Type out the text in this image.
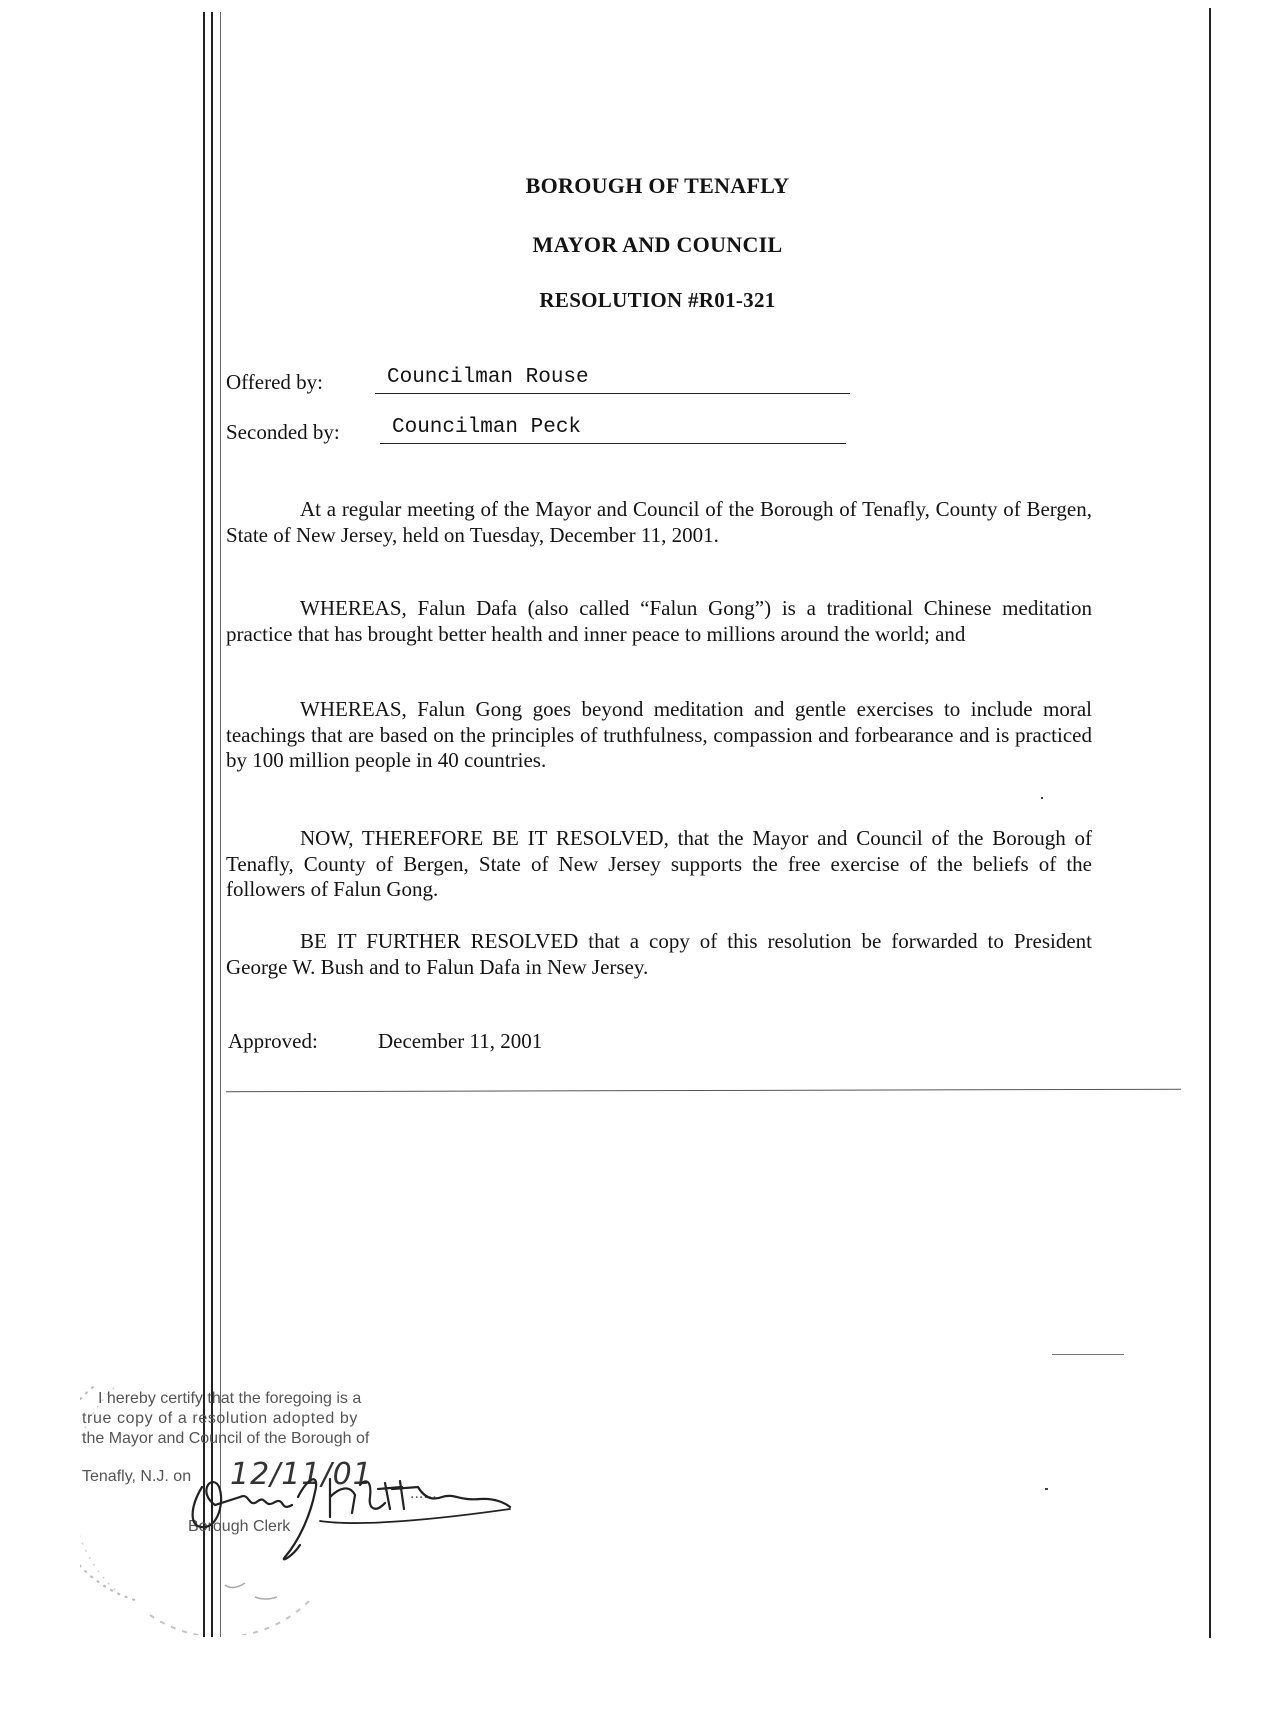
BOROUGH OF TENAFLY
MAYOR AND COUNCIL
RESOLUTION #R01-321
Offered by:	Councilman Rouse
Seconded by:	Councilman Peck

At a regular meeting of the Mayor and Council of the Borough of Tenafly, County of Bergen, State of New Jersey, held on Tuesday, December 11, 2001.

WHEREAS, Falun Dafa (also called “Falun Gong”) is a traditional Chinese meditation practice that has brought better health and inner peace to millions around the world; and

WHEREAS, Falun Gong goes beyond meditation and gentle exercises to include moral teachings that are based on the principles of truthfulness, compassion and forbearance and is practiced by 100 million people in 40 countries.

NOW, THEREFORE BE IT RESOLVED, that the Mayor and Council of the Borough of Tenafly, County of Bergen, State of New Jersey supports the free exercise of the beliefs of the followers of Falun Gong.

BE IT FURTHER RESOLVED that a copy of this resolution be forwarded to President George W. Bush and to Falun Dafa in New Jersey.

Approved:	December 11, 2001
I hereby certify that the foregoing is a
true copy of a resolution adopted by
the Mayor and Council of the Borough of
Tenafly, N.J. on 12/11/01
......
Borough Clerk
